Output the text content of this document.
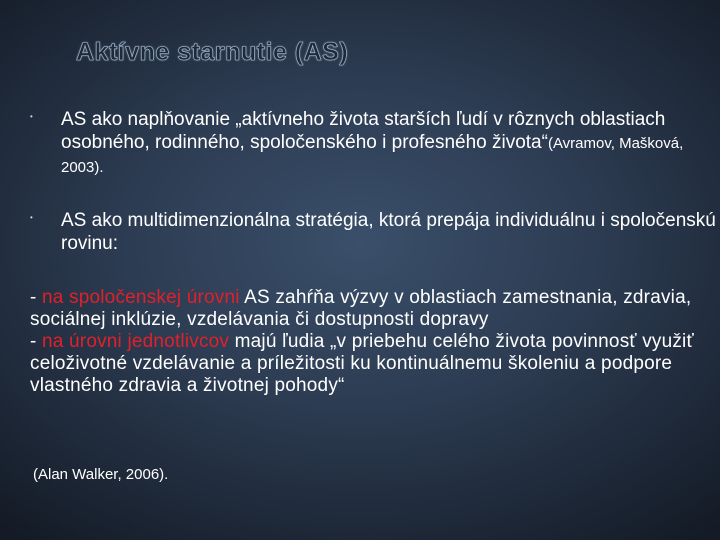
Aktívne starnutie (AS)
• AS ako naplňovanie „aktívneho života starších ľudí v rôznych oblastiach osobného, rodinného, spoločenského i profesného života“(Avramov, Mašková, 2003).
• AS ako multidimenzionálna stratégia, ktorá prepája individuálnu i spoločenskú rovinu:
- na spoločenskej úrovni AS zahŕňa výzvy v oblastiach zamestnania, zdravia, sociálnej inklúzie, vzdelávania či dostupnosti dopravy
- na úrovni jednotlivcov majú ľudia „v priebehu celého života povinnosť využiť celoživotné vzdelávanie a príležitosti ku kontinuálnemu školeniu a podpore vlastného zdravia a životnej pohody“
(Alan Walker, 2006).
